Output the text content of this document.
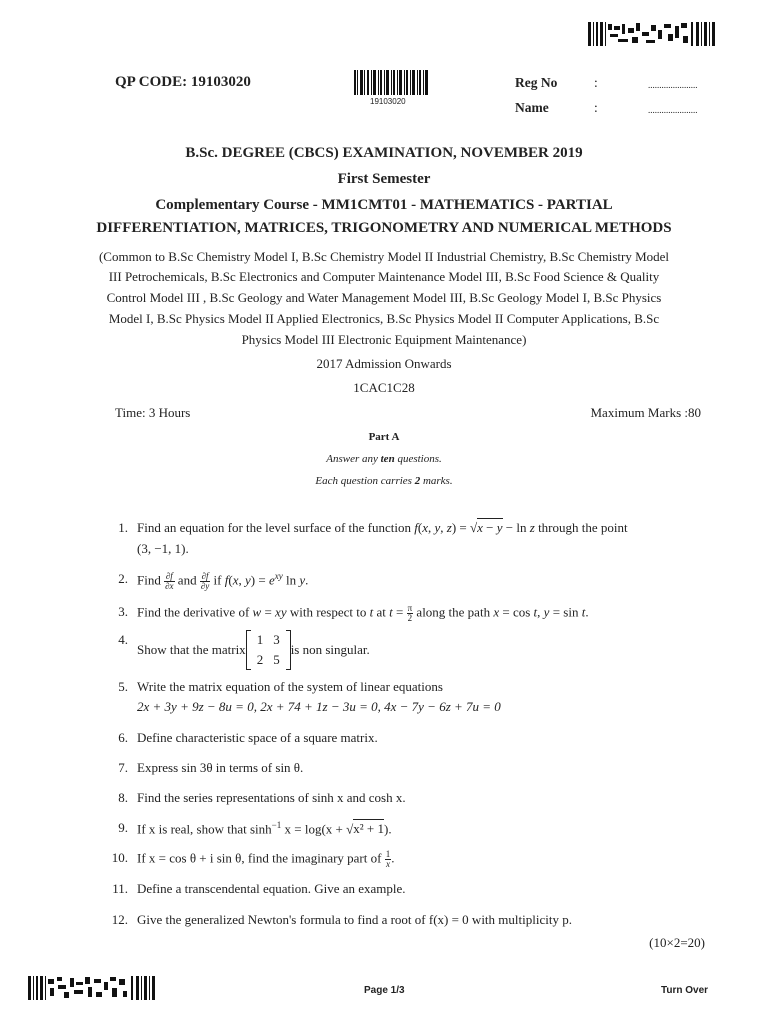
QP CODE: 19103020
19103020
Reg No	:	......................
Name	:	......................
B.Sc. DEGREE (CBCS) EXAMINATION, NOVEMBER 2019
First Semester
Complementary Course - MM1CMT01 - MATHEMATICS - PARTIAL
DIFFERENTIATION, MATRICES, TRIGONOMETRY AND NUMERICAL METHODS
(Common to B.Sc Chemistry Model I, B.Sc Chemistry Model II Industrial Chemistry, B.Sc Chemistry Model
III Petrochemicals, B.Sc Electronics and Computer Maintenance Model III, B.Sc Food Science & Quality
Control Model III , B.Sc Geology and Water Management Model III, B.Sc Geology Model I, B.Sc Physics
Model I, B.Sc Physics Model II Applied Electronics, B.Sc Physics Model II Computer Applications, B.Sc
Physics Model III Electronic Equipment Maintenance)
2017 Admission Onwards
1CAC1C28
Time: 3 Hours	Maximum Marks :80
Part A
Answer any ten questions.
Each question carries 2 marks.
1. Find an equation for the level surface of the function f(x, y, z) = √x − y − ln z through the point
(3, −1, 1).
2. Find $\frac{\partial f}{\partial x}$ and $\frac{\partial f}{\partial y}$ if f(x, $y) = e^{xy}$ ln y.
3. Find the derivative of w = xy with respect to t at $t = \frac{\pi}{2}$ along the path x = cos t, y = sin t.
4.
Show that the matrix
1	3
2	5
is non singular.
5. Write the matrix equation of the system of linear equations
2x + 3y + 9z − 8u = 0, 2x + 74 + 1z − 3u = 0, 4x − 7y − 6z + 7u = 0
6. Define characteristic space of a square matrix.
7. Express sin 3θ in terms of sin θ.
8. Find the series representations of sinh x and cosh x.
9. If x is real, show that $\sinh^{-1} x = \log(x + √x^2 + 1)$.
10. If x = cos θ + i sin θ, find the imaginary part of $\frac{1}{x}$ .
11. Define a transcendental equation. Give an example.
12. Give the generalized Newton's formula to find a root of f(x) = 0 with multiplicity p.
(10×2=20)
Page 1/3	Turn Over
